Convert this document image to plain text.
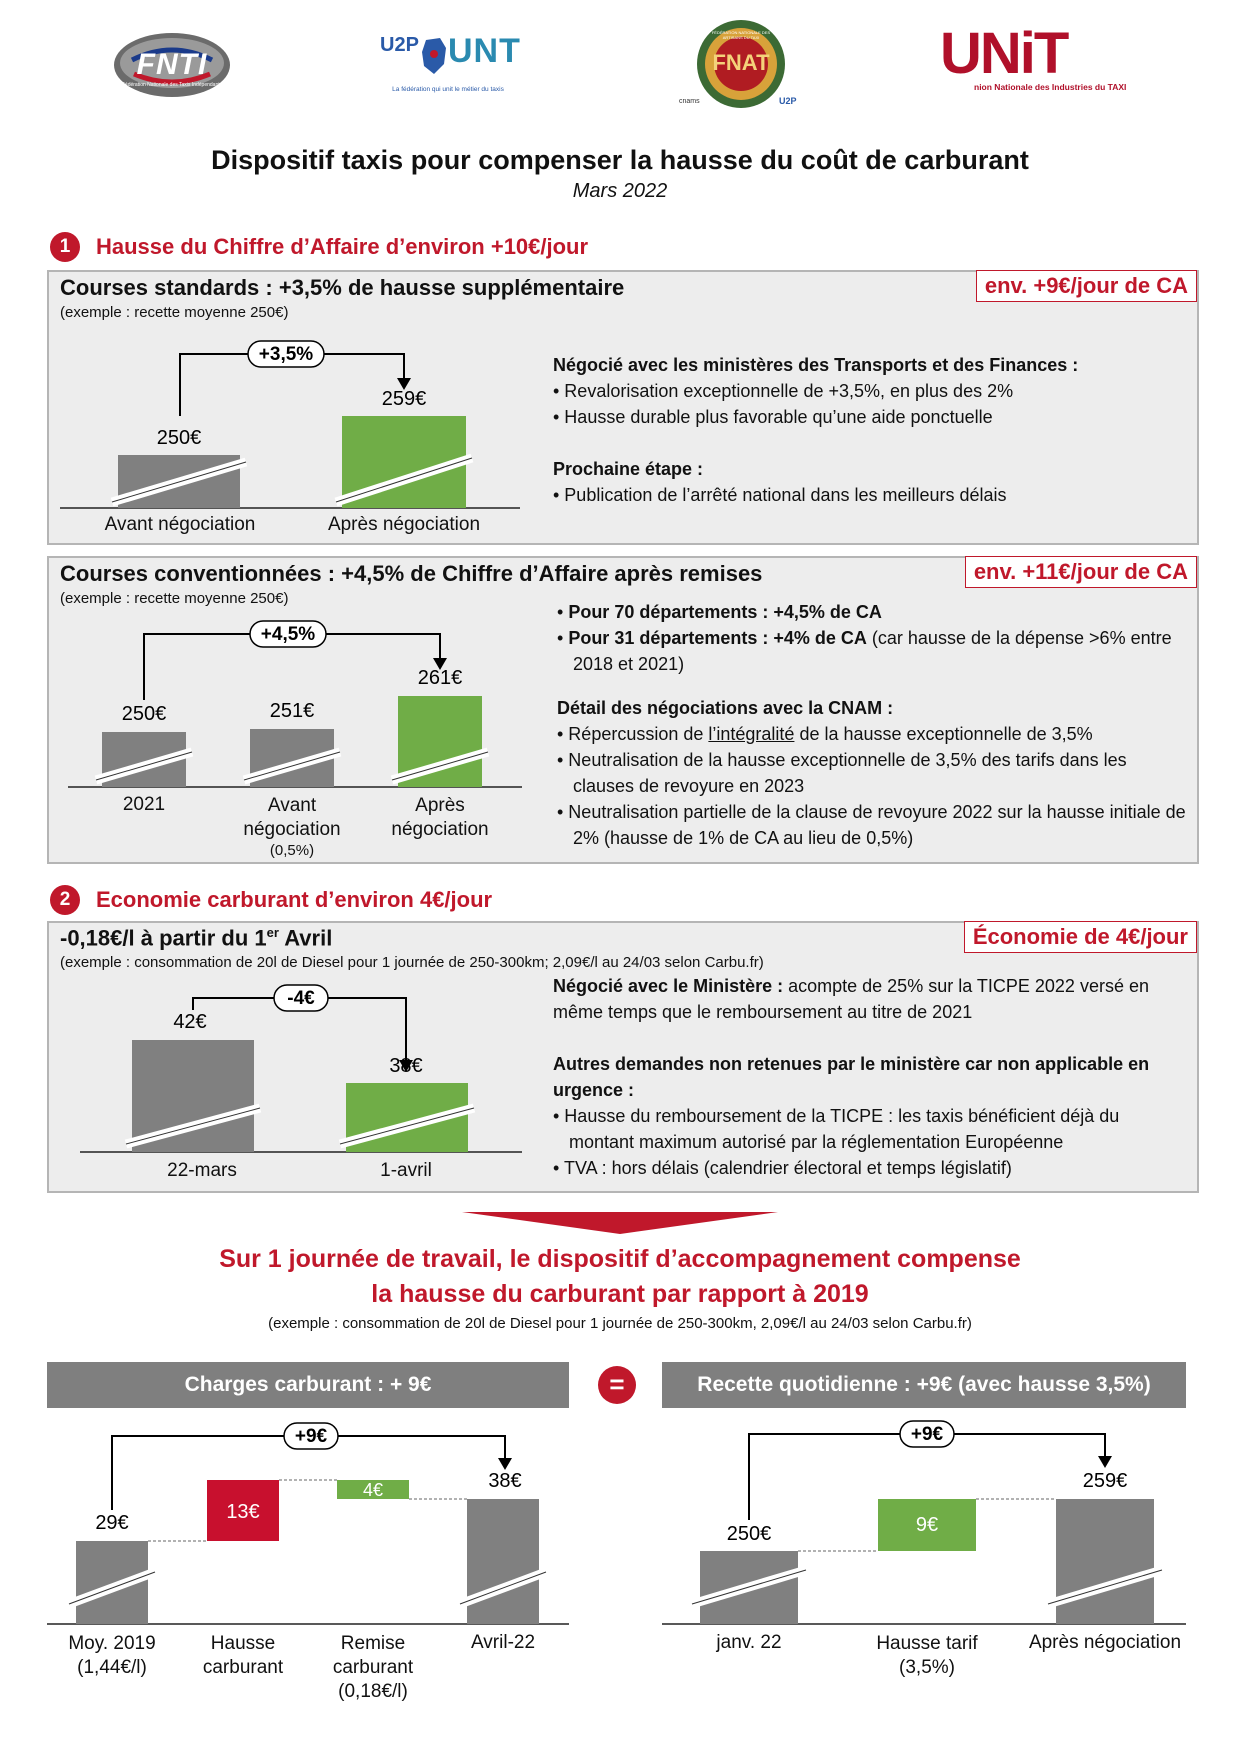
FNTI
Fédération Nationale des Taxis Indépendants
U2P UNT
La fédération qui unit le métier du taxis
FNAT
FÉDÉRATION NATIONALE DES ARTISANS DU TAXI
cnams	U2P
UNiT
nion Nationale des Industries du TAXI
Dispositif taxis pour compenser la hausse du coût de carburant
Mars 2022
1	Hausse du Chiffre d’Affaire d’environ +10€/jour
Courses standards : +3,5% de hausse supplémentaire
(exemple : recette moyenne 250€)
env. +9€/jour de CA
+3,5%
250€
259€
Avant négociation	Après négociation
Négocié avec les ministères des Transports et des Finances :
• Revalorisation exceptionnelle de +3,5%, en plus des 2%
• Hausse durable plus favorable qu’une aide ponctuelle
Prochaine étape :
• Publication de l’arrêté national dans les meilleurs délais
Courses conventionnées : +4,5% de Chiffre d’Affaire après remises
(exemple : recette moyenne 250€)
env. +11€/jour de CA
+4,5%
250€	251€
261€
2021	Avant
négociation
(0,5%)
Après
négociation
• Pour 70 départements : +4,5% de CA
• Pour 31 départements : +4% de CA (car hausse de la dépense >6% entre 2018 et 2021)
Détail des négociations avec la CNAM :
• Répercussion de l’intégralité de la hausse exceptionnelle de 3,5%
• Neutralisation de la hausse exceptionnelle de 3,5% des tarifs dans les clauses de revoyure en 2023
• Neutralisation partielle de la clause de revoyure 2022 sur la hausse initiale de 2% (hausse de 1% de CA au lieu de 0,5%)
2	Economie carburant d’environ 4€/jour
-0,18€/l à partir du 1er Avril
(exemple : consommation de 20l de Diesel pour 1 journée de 250-300km; 2,09€/l au 24/03 selon Carbu.fr)
Économie de 4€/jour
-4€
42€
38€
22-mars	1-avril
Négocié avec le Ministère : acompte de 25% sur la TICPE 2022 versé en même temps que le remboursement au titre de 2021
Autres demandes non retenues par le ministère car non applicable en urgence :
• Hausse du remboursement de la TICPE : les taxis bénéficient déjà du montant maximum autorisé par la réglementation Européenne
• TVA : hors délais (calendrier électoral et temps législatif)
Sur 1 journée de travail, le dispositif d’accompagnement compense
la hausse du carburant par rapport à 2019
(exemple : consommation de 20l de Diesel pour 1 journée de 250-300km, 2,09€/l au 24/03 selon Carbu.fr)
Charges carburant : + 9€	=	Recette quotidienne : +9€ (avec hausse 3,5%)
+9€
29€	13€
4€	38€
Moy. 2019
(1,44€/l)
Hausse
carburant
Remise
carburant
(0,18€/l)
Avril-22
+9€
250€	9€
259€
janv. 22	Hausse tarif
(3,5%)
Après négociation
